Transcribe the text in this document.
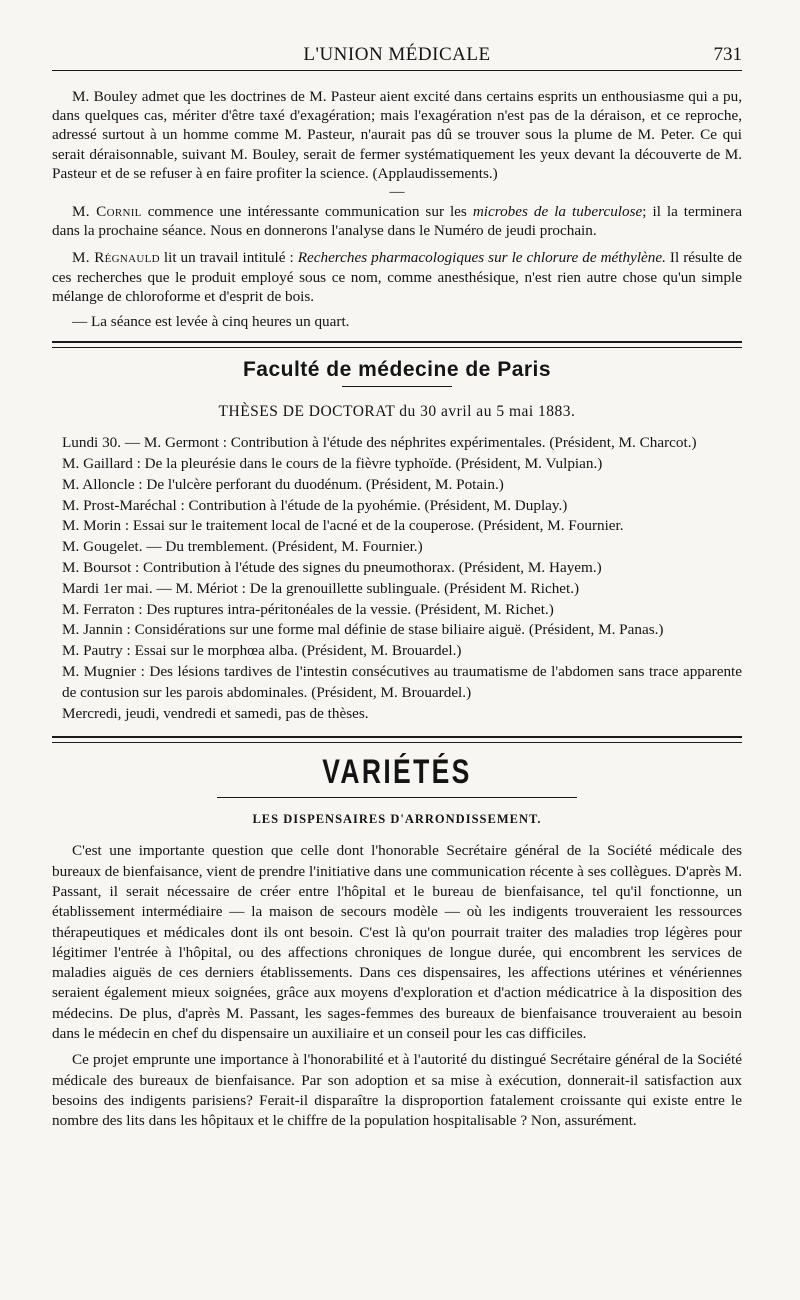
L'UNION MÉDICALE	731

M. Bouley admet que les doctrines de M. Pasteur aient excité dans certains esprits un enthousiasme qui a pu, dans quelques cas, mériter d'être taxé d'exagération; mais l'exagération n'est pas de la déraison, et ce reproche, adressé surtout à un homme comme M. Pasteur, n'aurait pas dû se trouver sous la plume de M. Peter. Ce qui serait déraisonnable, suivant M. Bouley, serait de fermer systématiquement les yeux devant la découverte de M. Pasteur et de se refuser à en faire profiter la science. (Applaudissements.)

—

M. Cornil commence une intéressante communication sur les microbes de la tuberculose; il la terminera dans la prochaine séance. Nous en donnerons l'analyse dans le Numéro de jeudi prochain.

M. Régnauld lit un travail intitulé : Recherches pharmacologiques sur le chlorure de méthylène. Il résulte de ces recherches que le produit employé sous ce nom, comme anesthésique, n'est rien autre chose qu'un simple mélange de chloroforme et d'esprit de bois.

— La séance est levée à cinq heures un quart.

Faculté de médecine de Paris
THÈSES DE DOCTORAT du 30 avril au 5 mai 1883.

Lundi 30. — M. Germont : Contribution à l'étude des néphrites expérimentales. (Président, M. Charcot.)

M. Gaillard : De la pleurésie dans le cours de la fièvre typhoïde. (Président, M. Vulpian.)

M. Alloncle : De l'ulcère perforant du duodénum. (Président, M. Potain.)

M. Prost-Maréchal : Contribution à l'étude de la pyohémie. (Président, M. Duplay.)

M. Morin : Essai sur le traitement local de l'acné et de la couperose. (Président, M. Fournier.

M. Gougelet. — Du tremblement. (Président, M. Fournier.)

M. Boursot : Contribution à l'étude des signes du pneumothorax. (Président, M. Hayem.)

Mardi 1er mai. — M. Mériot : De la grenouillette sublinguale. (Président M. Richet.)

M. Ferraton : Des ruptures intra-péritonéales de la vessie. (Président, M. Richet.)

M. Jannin : Considérations sur une forme mal définie de stase biliaire aiguë. (Président, M. Panas.)

M. Pautry : Essai sur le morphœa alba. (Président, M. Brouardel.)

M. Mugnier : Des lésions tardives de l'intestin consécutives au traumatisme de l'abdomen sans trace apparente de contusion sur les parois abdominales. (Président, M. Brouardel.)

Mercredi, jeudi, vendredi et samedi, pas de thèses.

VARIÉTÉS
LES DISPENSAIRES D'ARRONDISSEMENT.

C'est une importante question que celle dont l'honorable Secrétaire général de la Société médicale des bureaux de bienfaisance, vient de prendre l'initiative dans une communication récente à ses collègues. D'après M. Passant, il serait nécessaire de créer entre l'hôpital et le bureau de bienfaisance, tel qu'il fonctionne, un établissement intermédiaire — la maison de secours modèle — où les indigents trouveraient les ressources thérapeutiques et médicales dont ils ont besoin. C'est là qu'on pourrait traiter des maladies trop légères pour légitimer l'entrée à l'hôpital, ou des affections chroniques de longue durée, qui encombrent les services de maladies aiguës de ces derniers établissements. Dans ces dispensaires, les affections utérines et vénériennes seraient également mieux soignées, grâce aux moyens d'exploration et d'action médicatrice à la disposition des médecins. De plus, d'après M. Passant, les sages-femmes des bureaux de bienfaisance trouveraient au besoin dans le médecin en chef du dispensaire un auxiliaire et un conseil pour les cas difficiles.

Ce projet emprunte une importance à l'honorabilité et à l'autorité du distingué Secrétaire général de la Société médicale des bureaux de bienfaisance. Par son adoption et sa mise à exécution, donnerait-il satisfaction aux besoins des indigents parisiens? Ferait-il disparaître la disproportion fatalement croissante qui existe entre le nombre des lits dans les hôpitaux et le chiffre de la population hospitalisable ? Non, assurément.
